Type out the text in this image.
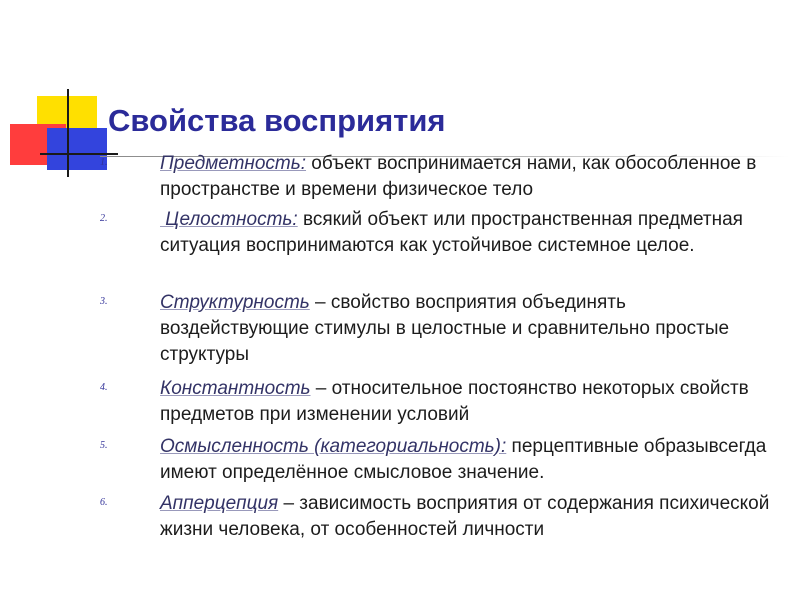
Свойства восприятия
1.	Предметность: объект воспринимается нами, как обособленное в пространстве и времени физическое тело
2.	Целостность: всякий объект или пространственная предметная ситуация воспринимаются как устойчивое системное целое.
3.	Структурность – свойство восприятия объединять воздействующие стимулы в целостные и сравнительно простые структуры
4.	Константность – относительное постоянство некоторых свойств предметов при изменении условий
5.	Осмысленность (категориальность): перцептивные образывсегда имеют определённое смысловое значение.
6.	Апперцепция – зависимость восприятия от содержания психической жизни человека, от особенностей личности
